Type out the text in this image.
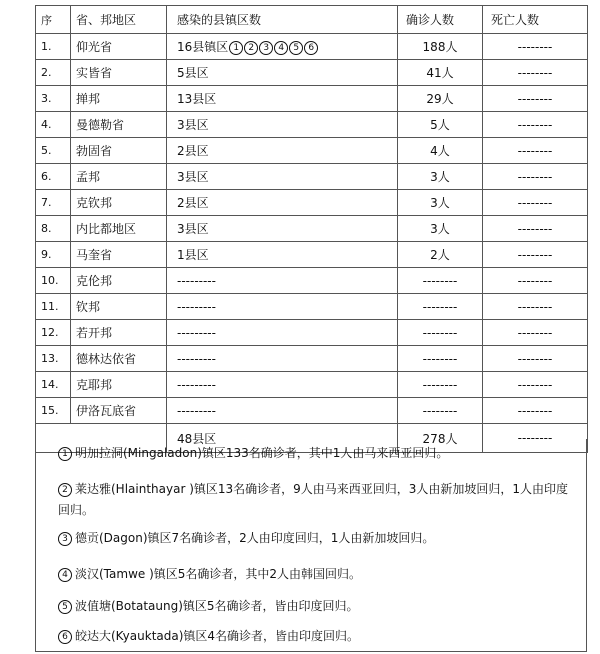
序	省、邦地区	感染的县镇区数	确诊人数	死亡人数
1.	仰光省	16县镇区 1 2 3 4 5 6	188人	--------
2.	实皆省	5县区	41人	--------
3.	掸邦	13县区	29人	--------
4.	曼德勒省	3县区	5人	--------
5.	勃固省	2县区	4人	--------
6.	孟邦	3县区	3人	--------
7.	克钦邦	2县区	3人	--------
8.	内比都地区	3县区	3人	--------
9.	马奎省	1县区	2人	--------
10.	克伦邦	---------	--------	--------
11.	钦邦	---------	--------	--------
12.	若开邦	---------	--------	--------
13.	德林达依省	---------	--------	--------
14.	克耶邦	---------	--------	--------
15.	伊洛瓦底省	---------	--------	--------
		48县区	278人	--------
1 明加拉洞(Mingaladon)镇区133名确诊者，其中1人由马来西亚回归。
2 莱达雅(Hlainthayar )镇区13名确诊者，9人由马来西亚回归，3人由新加坡回归，1人由印度回归。
3 德贡(Dagon)镇区7名确诊者，2人由印度回归，1人由新加坡回归。
4 淡汉(Tamwe )镇区5名确诊者，其中2人由韩国回归。
5 波值塘(Botataung)镇区5名确诊者，皆由印度回归。
6 皎达大(Kyauktada)镇区4名确诊者，皆由印度回归。
